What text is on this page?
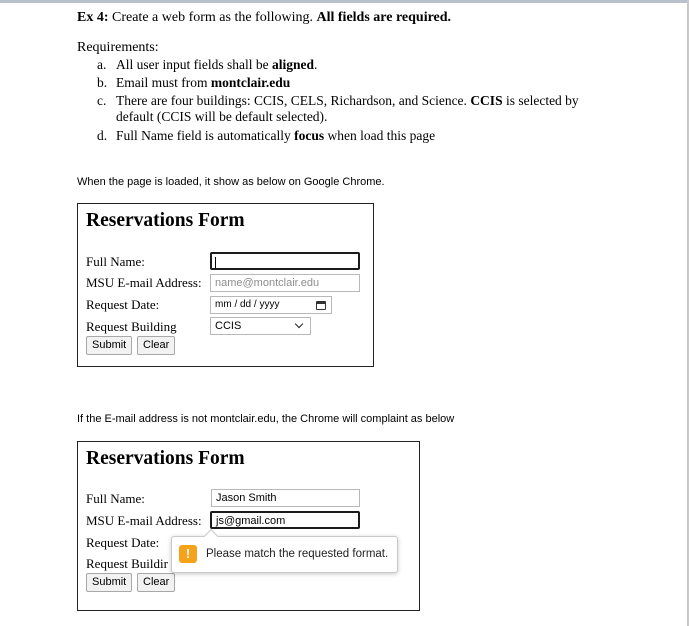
Ex 4: Create a web form as the following. All fields are required.
Requirements:
a. All user input fields shall be aligned.
b. Email must from montclair.edu
c. There are four buildings: CCIS, CELS, Richardson, and Science. CCIS is selected by
default (CCIS will be default selected).
d. Full Name field is automatically focus when load this page
When the page is loaded, it show as below on Google Chrome.
Reservations Form
Full Name:
MSU E-mail Address:	name@montclair.edu
Request Date:	mm / dd / yyyy
Request Building	CCIS
Submit	Clear
If the E-mail address is not montclair.edu, the Chrome will complaint as below
Reservations Form
Full Name:	Jason Smith
MSU E-mail Address:	js@gmail.com
Request Date:
Request Buildir
Submit	Clear
!	Please match the requested format.
